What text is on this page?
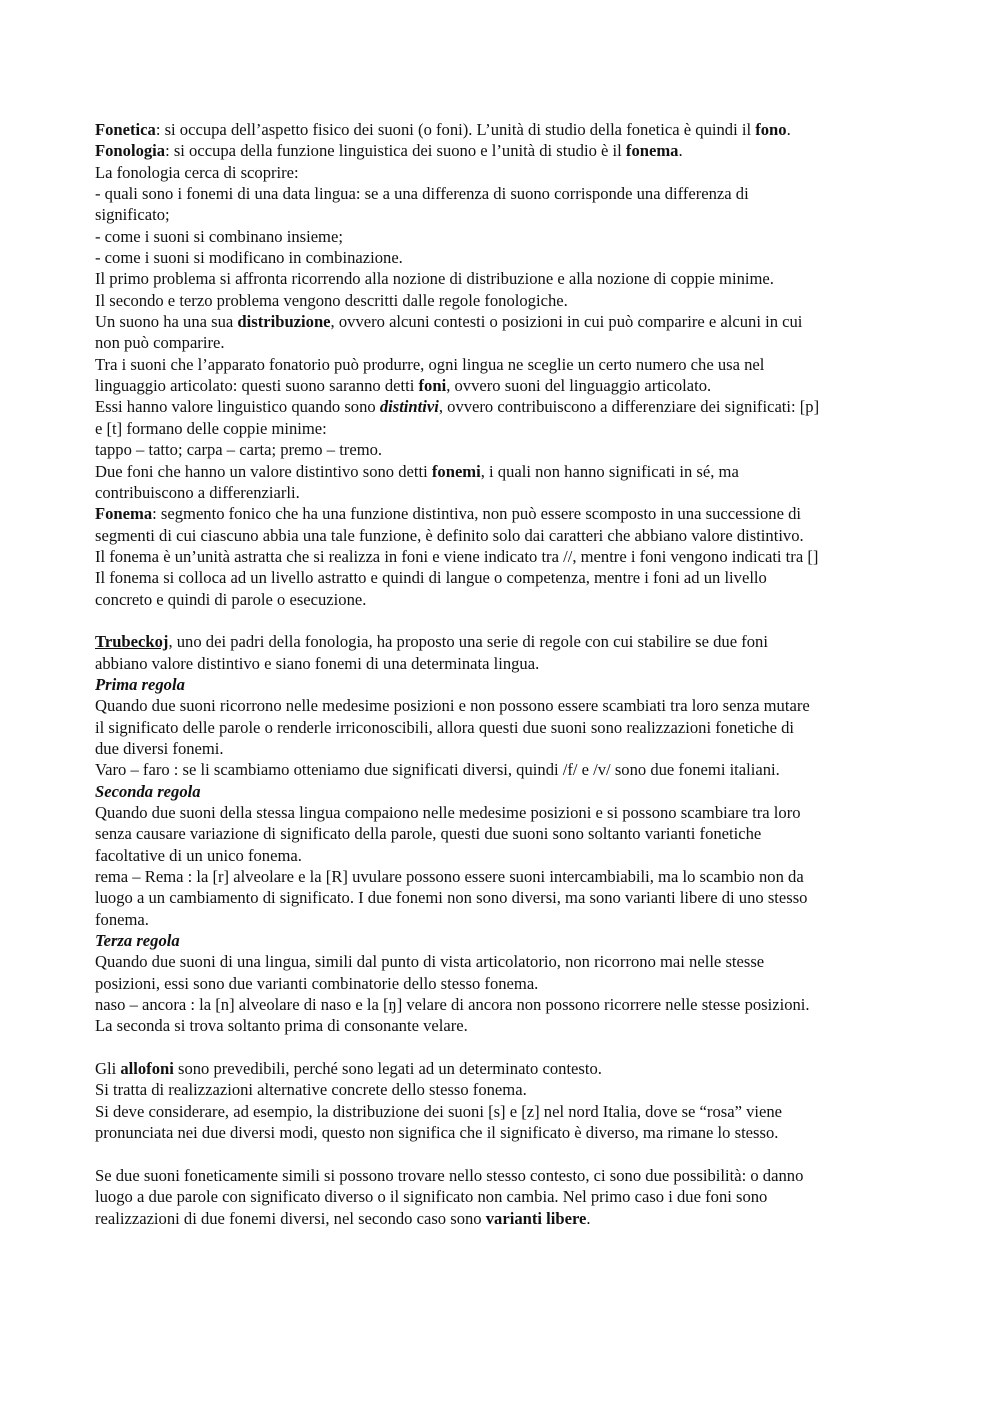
Fonetica: si occupa dell’aspetto fisico dei suoni (o foni). L’unità di studio della fonetica è quindi il fono.
Fonologia: si occupa della funzione linguistica dei suono e l’unità di studio è il fonema.
La fonologia cerca di scoprire:
- quali sono i fonemi di una data lingua: se a una differenza di suono corrisponde una differenza di
significato;
- come i suoni si combinano insieme;
- come i suoni si modificano in combinazione.
Il primo problema si affronta ricorrendo alla nozione di distribuzione e alla nozione di coppie minime.
Il secondo e terzo problema vengono descritti dalle regole fonologiche.
Un suono ha una sua distribuzione, ovvero alcuni contesti o posizioni in cui può comparire e alcuni in cui
non può comparire.
Tra i suoni che l’apparato fonatorio può produrre, ogni lingua ne sceglie un certo numero che usa nel
linguaggio articolato: questi suono saranno detti foni, ovvero suoni del linguaggio articolato.
Essi hanno valore linguistico quando sono distintivi, ovvero contribuiscono a differenziare dei significati: [p]
e [t] formano delle coppie minime:
tappo – tatto; carpa – carta; premo – tremo.
Due foni che hanno un valore distintivo sono detti fonemi, i quali non hanno significati in sé, ma
contribuiscono a differenziarli.
Fonema: segmento fonico che ha una funzione distintiva, non può essere scomposto in una successione di
segmenti di cui ciascuno abbia una tale funzione, è definito solo dai caratteri che abbiano valore distintivo.
Il fonema è un’unità astratta che si realizza in foni e viene indicato tra //, mentre i foni vengono indicati tra []
Il fonema si colloca ad un livello astratto e quindi di langue o competenza, mentre i foni ad un livello
concreto e quindi di parole o esecuzione.
Trubeckoj, uno dei padri della fonologia, ha proposto una serie di regole con cui stabilire se due foni
abbiano valore distintivo e siano fonemi di una determinata lingua.
Prima regola
Quando due suoni ricorrono nelle medesime posizioni e non possono essere scambiati tra loro senza mutare
il significato delle parole o renderle irriconoscibili, allora questi due suoni sono realizzazioni fonetiche di
due diversi fonemi.
Varo – faro : se li scambiamo otteniamo due significati diversi, quindi /f/ e /v/ sono due fonemi italiani.
Seconda regola
Quando due suoni della stessa lingua compaiono nelle medesime posizioni e si possono scambiare tra loro
senza causare variazione di significato della parole, questi due suoni sono soltanto varianti fonetiche
facoltative di un unico fonema.
rema – Rema : la [r] alveolare e la [R] uvulare possono essere suoni intercambiabili, ma lo scambio non da
luogo a un cambiamento di significato. I due fonemi non sono diversi, ma sono varianti libere di uno stesso
fonema.
Terza regola
Quando due suoni di una lingua, simili dal punto di vista articolatorio, non ricorrono mai nelle stesse
posizioni, essi sono due varianti combinatorie dello stesso fonema.
naso – ancora : la [n] alveolare di naso e la [ŋ] velare di ancora non possono ricorrere nelle stesse posizioni.
La seconda si trova soltanto prima di consonante velare.
Gli allofoni sono prevedibili, perché sono legati ad un determinato contesto.
Si tratta di realizzazioni alternative concrete dello stesso fonema.
Si deve considerare, ad esempio, la distribuzione dei suoni [s] e [z] nel nord Italia, dove se “rosa” viene
pronunciata nei due diversi modi, questo non significa che il significato è diverso, ma rimane lo stesso.
Se due suoni foneticamente simili si possono trovare nello stesso contesto, ci sono due possibilità: o danno
luogo a due parole con significato diverso o il significato non cambia. Nel primo caso i due foni sono
realizzazioni di due fonemi diversi, nel secondo caso sono varianti libere.
